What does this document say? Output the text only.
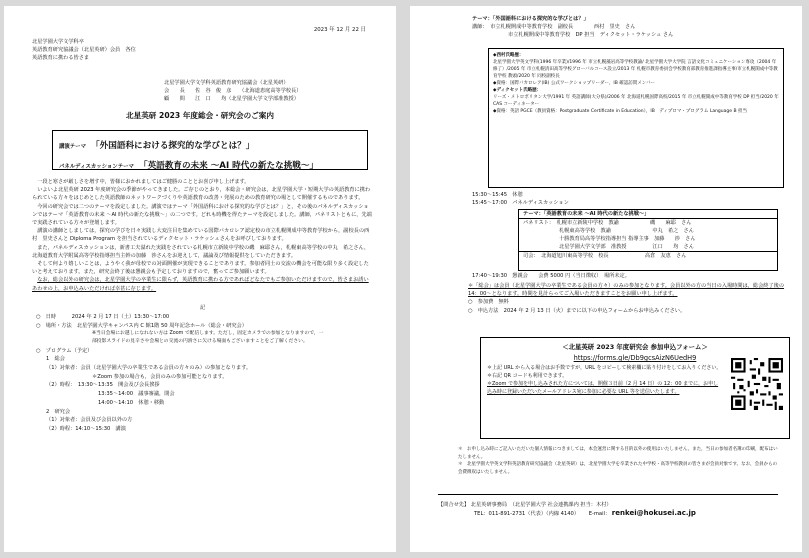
2023 年 12 月 22 日
北星学園大学文学科卒
英語教育研究協議会（北星英研）会員　各位
英語教育に携わる皆さま
北星学園大学文学科英語教育研究協議会（北星英研）
会　　長　　佐　谷　俊　彦　　（北海道恵庭高等学校長）
顧　　問　　江　口　　均（北星学園大学文学部准教授）
北星英研 2023 年度総会・研究会のご案内
講演テーマ 「外国語科における探究的な学びとは？」
パネルディスカッションテーマ 「英語教育の未来 ～AI 時代の新たな挑戦～」

一段と寒さが厳しさを増す中，皆様におかれましてはご健勝のこととお喜び申し上げます。

いよいよ北星英研 2023 年度研究会の季節がやってきました。ご存じのとおり，本総会・研究会は，北星学園大学・短期大学の英語教育に携わられている方々をはじめとした英語教師のネットワークづくりや英語教育の改善・発展のための教育研究の場として開催するものであります。

今回の研究会では二つのテーマを設定しました。講演ではテーマ「外国語科における探究的な学びとは？」と，その後のパネルディスカッションではテーマ「英語教育の未来 ～AI 時代の新たな挑戦～」の二つです。どれも時機を得たテーマを設定しました。講師，パネリストともに，先端で実践されている方々が登壇します。

講演の講師としましては，探究の学びを日々実践し大変注目を集めている国際バカロレア認定校の市立札幌開成中等教育学校から，副校長の西村　里史さんと Diploma Program を担当されているディクセット・ラケッシュさんをお呼びしております。

また，パネルディスカッションは，新書工夫溢れた実践をされている札幌市立新陵中学校の磯　麻耶さん，札幌東高等学校の中丸　希之さん，北海道教育大学附属高等学校指導担当主幹の加藤　渉さんをお迎えして，議論及び情報提供をしていただきます。

そして何より嬉しいことは，ようやく我が母校での対面開催が実現できることであります。参加者同士の交流の機会を可能な限り多く設定したいと考えております。また，研究会終了後は懇親会も予定しておりますので，奮ってご参加願います。

なお，総会以外の研究会は，北星学園大学の卒業生に限らず，英語教育に携わる方であればどなたでもご参加いただけますので，皆さまお誘いあわせの上，お申込みいただければ幸甚に存じます。

記
○　日時　　　2024 年 2 月 17 日（土）13:30～17:00
○　場所・方法　北星学園大学キャンパス内 C 館1階 50 周年記念ホール（総会・研究会）
※当日会場にお越しになれない方は Zoom で配信します。ただし，固定カメラでの参加となりますので，一部投影スライドの見辛さや会場との交流の円滑さに欠ける場面もございますことをご了解ください。
○　プログラム（予定）
1　総会
（1）対象者：会員（北星学園大学の卒業生である会員の方々のみ）の参加となります。
＊Zoom 参加の場合も，会員のみの参加可能となります。
（2）時程：　13:30～13:35　開会及び会長挨拶
13:35～14:00　議事審議，閉会
14:00～14:10　休憩・移動
2　研究会
（1）対象者：会員及び会員以外の方
（2）時程：14:10～15:30　講演
テーマ：「外国語科における探究的な学びとは？」
講師：　市立札幌開成中等教育学校　副校長　　　　西村　里史　さん
市立札幌開成中等教育学校　DP 担当　ディクセット・ラケッシュ さん
◆西村氏略歴：
北星学園大学英文学科(1996 年卒業)/1996 年 市立札幌藻岩高等学校教諭/ 北星学園大学大学院 言語文化コミュニケーション専攻（2004 年修了）/2005 年 市立札幌清田高等学校グローバルコース設立/2013 年 札幌市教育委員会学校教育部教育推進課指導主事/市立札幌開成中等教育学校 教頭/2020 年 同校副校長
◆資格：国際バカロレア(IB) 公式ワークショップリーダー，IB 確認訪問メンバー
◆ディクセット氏略歴：
リーズ・メトロポリタン大学/1991 年 英語講師(大分県)/2006 年 北海道札幌国際高校/2015 年 市立札幌開成中等教育学校 DP 担当/2020 年 CAS コーディネーター
◆資格：英語 PGCE（教員資格：Postgraduate Certificate in Education），IB　ディプロマ・プログラム Language B 担当
15:30～15:45　休憩
15:45～17:00　パネルディスカッション
テーマ：「英語教育の未来 ～AI 時代の新たな挑戦～」
パネリスト：　札幌市立新陵中学校　教諭　　　　　　磯　　麻耶　さん
札幌東高等学校　教諭　　　　　　　　中丸　希之　さん
十勝教育局高等学校指導担当 指導主事　加藤　　渉　さん
北星学園大学文学部　准教授　　　　　江口　　均　さん
司会：　北海道旭川東高等学校　校長　　　　　　　高倉　友恵　さん
17:40～19:30　懇親会　　会費 5000 円（当日徴収）　場所未定。
＊「総会」は会員（北星学園大学の卒業生である会員の方々）のみの参加となります。会員以外の方の当日の入場時間は，総会終了後の 14：00～となります。時間を見計らってご入場いただきますことをお願い申し上げます。
○　参加費　無料
○　申込方法　2024 年 2 月 13 日（火）までに以下の申込フォームからお申込みください。
＜北星英研 2023 年度研究会 参加申込フォーム＞
https://forms.gle/Db9gcsAizN6UedH9
＊上記 URL から入る場合はお手数ですが，URL をコピーして検索欄に貼り付けをしてお入りください。
＊右記 QR コードも利用できます。
＊Zoom で参加を申し込みされた方については，開催３日前（2 月 14 日）の 12：00 までに，お申し込み時に登録いただいたメールアドレス宛に参加に必要な URL 等を送信いたします。
＊　お申し込み時にご記入いただいた個人情報につきましては，本会運営に関する目的以外の使用はいたしません。また，当日の参加者名簿の印刷，配布はいたしません。
＊　北星学園大学英文学科英語教育研究協議会（北星英研）は，北星学園大学を卒業された中学校・高等学校教員の皆さまが会員対象です。なお，会員からの会費徴収はいたしません。
【問合せ先】 北星英研事務局　（北星学園大学 社会連携課内 担当：木村）
TEL：011-891-2731（代表）（内線 4140） E-mail： renkei@hokusei.ac.jp
